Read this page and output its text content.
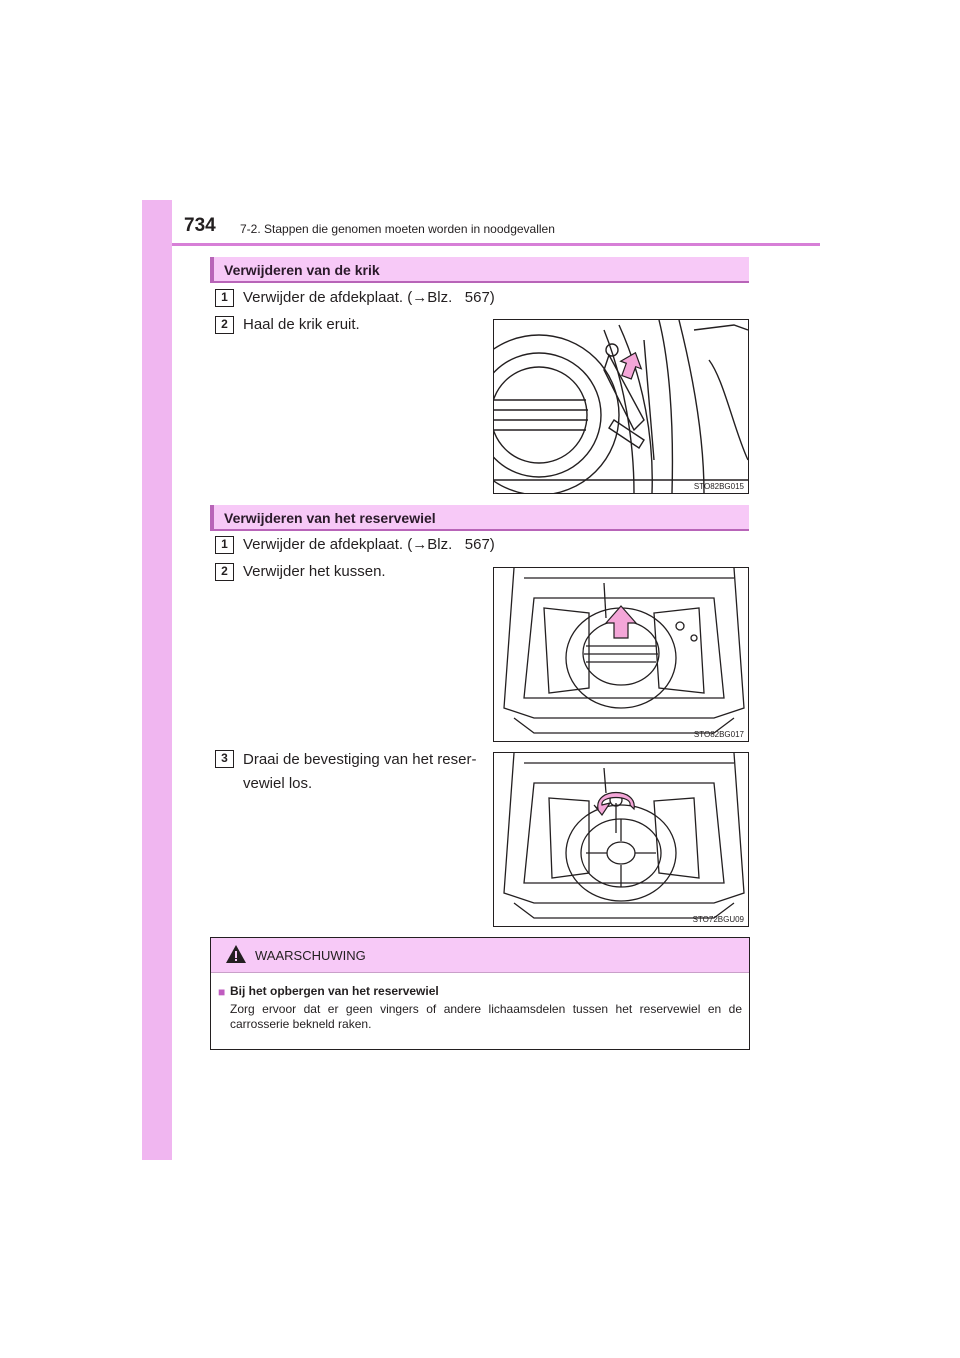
734 7-2. Stappen die genomen moeten worden in noodgevallen
Verwijderen van de krik
1	Verwijder de afdekplaat. (→Blz.   567)
2	Haal de krik eruit.
STO82BG015
Verwijderen van het reservewiel
1	Verwijder de afdekplaat. (→Blz.   567)
2	Verwijder het kussen.
STO82BG017
3	Draai de bevestiging van het reser-
vewiel los.
STO72BGU09
WAARSCHUWING
■ Bij het opbergen van het reservewiel
Zorg ervoor dat er geen vingers of andere lichaamsdelen tussen het reservewiel en de carrosserie bekneld raken.
